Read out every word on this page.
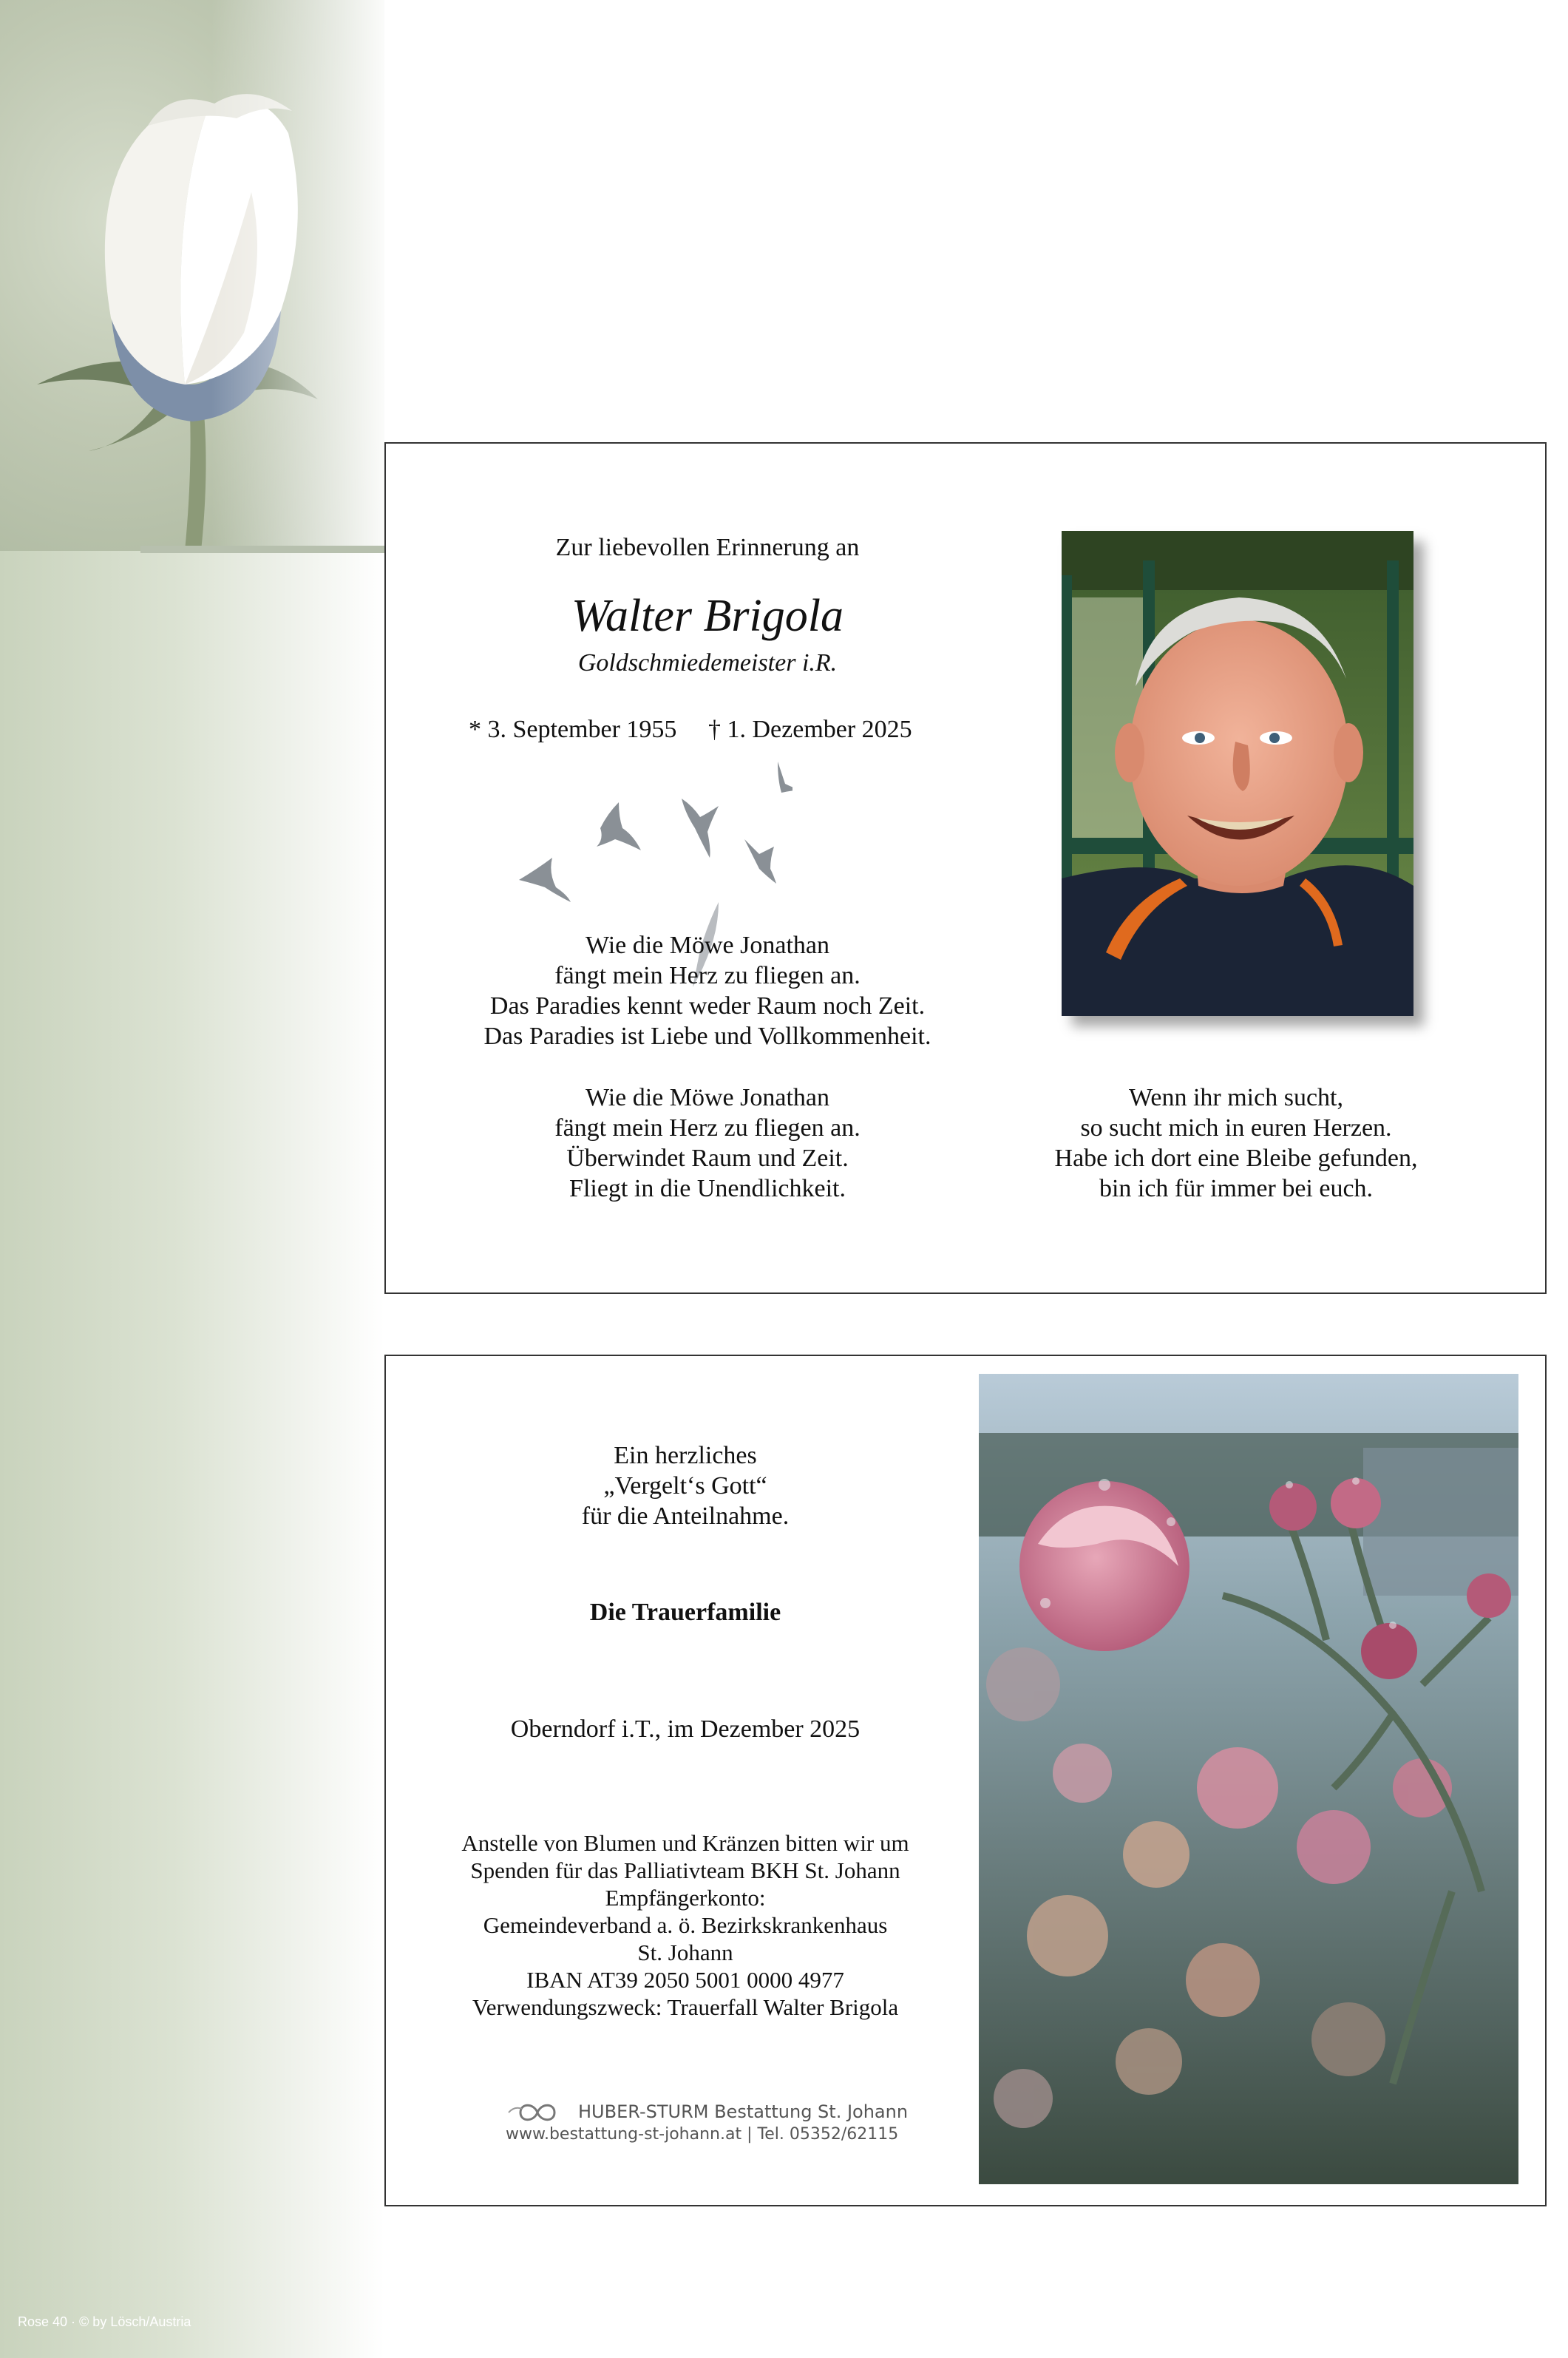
Rose 40 · © by Lösch/Austria
Zur liebevollen Erinnerung an
Walter Brigola
Goldschmiedemeister i.R.
* 3. September 1955	† 1. Dezember 2025
Wie die Möwe Jonathan
fängt mein Herz zu fliegen an.
Das Paradies kennt weder Raum noch Zeit.
Das Paradies ist Liebe und Vollkommenheit.
Wie die Möwe Jonathan
fängt mein Herz zu fliegen an.
Überwindet Raum und Zeit.
Fliegt in die Unendlichkeit.
Wenn ihr mich sucht,
so sucht mich in euren Herzen.
Habe ich dort eine Bleibe gefunden,
bin ich für immer bei euch.
Ein herzliches
„Vergelt‘s Gott“
für die Anteilnahme.
Die Trauerfamilie
Oberndorf i.T., im Dezember 2025
Anstelle von Blumen und Kränzen bitten wir um
Spenden für das Palliativteam BKH St. Johann
Empfängerkonto:
Gemeindeverband a. ö. Bezirkskrankenhaus
St. Johann
IBAN AT39 2050 5001 0000 4977
Verwendungszweck: Trauerfall Walter Brigola
HUBER-STURM Bestattung St. Johann
www.bestattung-st-johann.at | Tel. 05352/62115
